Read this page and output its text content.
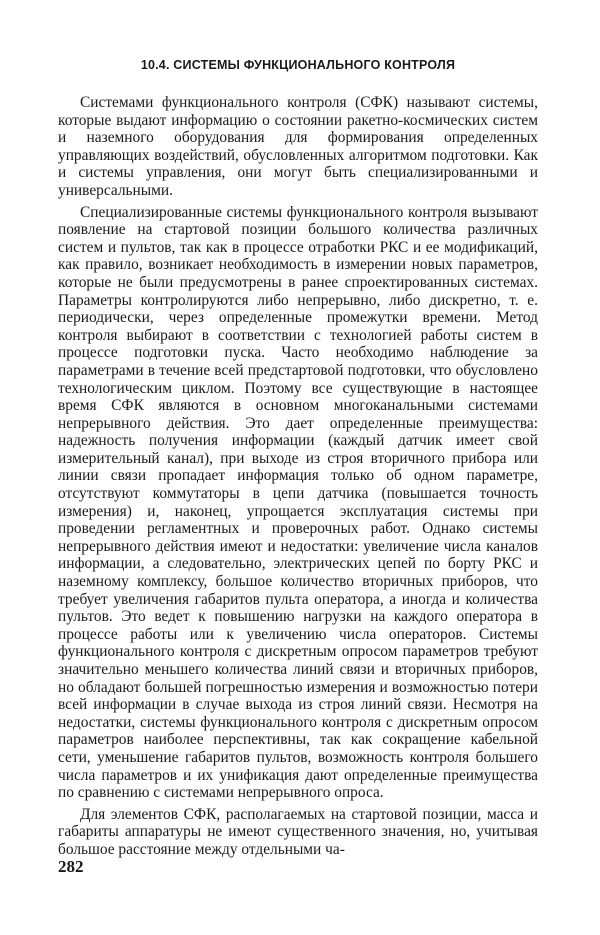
10.4. СИСТЕМЫ ФУНКЦИОНАЛЬНОГО КОНТРОЛЯ

Системами функционального контроля (СФК) называют системы, которые выдают информацию о состоянии ракетно-космических систем и наземного оборудования для формирования определенных управляющих воздействий, обусловленных алгоритмом подготовки. Как и системы управления, они могут быть специализированными и универсальными.

Специализированные системы функционального контроля вызывают появление на стартовой позиции большого количества различных систем и пультов, так как в процессе отработки РКС и ее модификаций, как правило, возникает необходимость в измерении новых параметров, которые не были предусмотрены в ранее спроектированных системах. Параметры контролируются либо непрерывно, либо дискретно, т. е. периодически, через определенные промежутки времени. Метод контроля выбирают в соответствии с технологией работы систем в процессе подготовки пуска. Часто необходимо наблюдение за параметрами в течение всей предстартовой подготовки, что обусловлено технологическим циклом. Поэтому все существующие в настоящее время СФК являются в основном многоканальными системами непрерывного действия. Это дает определенные преимущества: надежность получения информации (каждый датчик имеет свой измерительный канал), при выходе из строя вторичного прибора или линии связи пропадает информация только об одном параметре, отсутствуют коммутаторы в цепи датчика (повышается точность измерения) и, наконец, упрощается эксплуатация системы при проведении регламентных и проверочных работ. Однако системы непрерывного действия имеют и недостатки: увеличение числа каналов информации, а следовательно, электрических цепей по борту РКС и наземному комплексу, большое количество вторичных приборов, что требует увеличения габаритов пульта оператора, а иногда и количества пультов. Это ведет к повышению нагрузки на каждого оператора в процессе работы или к увеличению числа операторов. Системы функционального контроля с дискретным опросом параметров требуют значительно меньшего количества линий связи и вторичных приборов, но обладают большей погрешностью измерения и возможностью потери всей информации в случае выхода из строя линий связи. Несмотря на недостатки, системы функционального контроля с дискретным опросом параметров наиболее перспективны, так как сокращение кабельной сети, уменьшение габаритов пультов, возможность контроля большего числа параметров и их унификация дают определенные преимущества по сравнению с системами непрерывного опроса.

Для элементов СФК, располагаемых на стартовой позиции, масса и габариты аппаратуры не имеют существенного значения, но, учитывая большое расстояние между отдельными ча-

282
